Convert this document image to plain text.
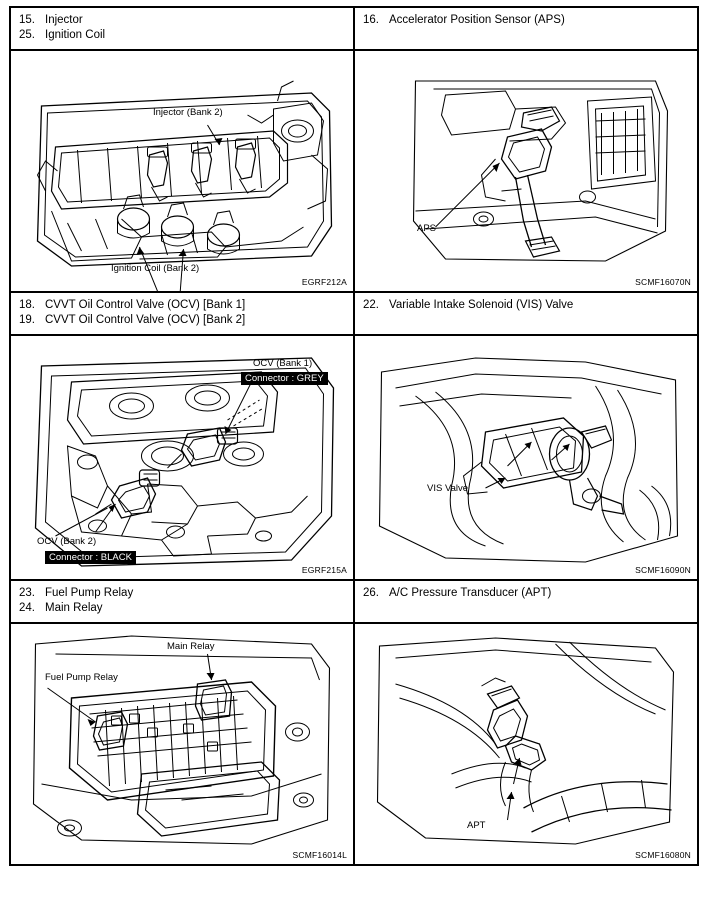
15. Injector
25. Ignition Coil
Injector (Bank 2)
Ignition Coil (Bank 2)
EGRF212A

16. Accelerator Position Sensor (APS)
APS
SCMF16070N

18. CVVT Oil Control Valve (OCV) [Bank 1]
19. CVVT Oil Control Valve (OCV) [Bank 2]
OCV (Bank 1)
Connector : GREY
OCV (Bank 2)
Connector : BLACK
EGRF215A

22. Variable Intake Solenoid (VIS) Valve
VIS Valve
SCMF16090N

23. Fuel Pump Relay
24. Main Relay
Main Relay
Fuel Pump Relay
SCMF16014L

26. A/C Pressure Transducer (APT)
APT
SCMF16080N
